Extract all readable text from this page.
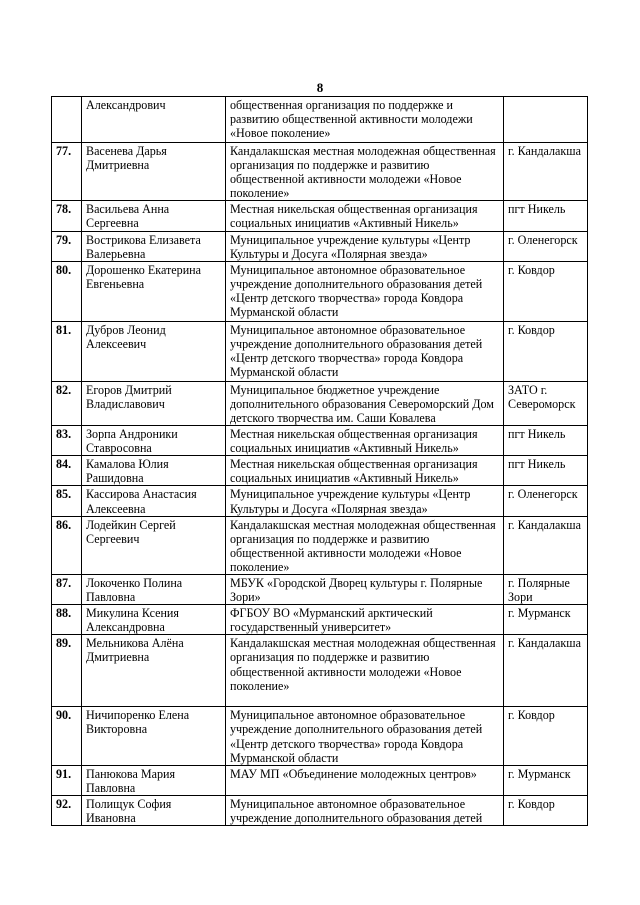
8
	Александрович	общественная организация по поддержке и развитию общественной активности молодежи «Новое поколение»	
77.	Васенева Дарья Дмитриевна	Кандалакшская местная молодежная общественная организация по поддержке и развитию общественной активности молодежи «Новое поколение»	г. Кандалакша
78.	Васильева Анна Сергеевна	Местная никельская общественная организация социальных инициатив «Активный Никель»	пгт Никель
79.	Вострикова Елизавета Валерьевна	Муниципальное учреждение культуры «Центр Культуры и Досуга «Полярная звезда»	г. Оленегорск
80.	Дорошенко Екатерина Евгеньевна	Муниципальное автономное образовательное учреждение дополнительного образования детей «Центр детского творчества» города Ковдора Мурманской области	г. Ковдор
81.	Дубров Леонид Алексеевич	Муниципальное автономное образовательное учреждение дополнительного образования детей «Центр детского творчества» города Ковдора Мурманской области	г. Ковдор
82.	Егоров Дмитрий Владиславович	Муниципальное бюджетное учреждение дополнительного образования Североморский Дом детского творчества им. Саши Ковалева	ЗАТО г. Североморск
83.	Зорпа Андроники Ставросовна	Местная никельская общественная организация социальных инициатив «Активный Никель»	пгт Никель
84.	Камалова Юлия Рашидовна	Местная никельская общественная организация социальных инициатив «Активный Никель»	пгт Никель
85.	Кассирова Анастасия Алексеевна	Муниципальное учреждение культуры «Центр Культуры и Досуга «Полярная звезда»	г. Оленегорск
86.	Лодейкин Сергей Сергеевич	Кандалакшская местная молодежная общественная организация по поддержке и развитию общественной активности молодежи «Новое поколение»	г. Кандалакша
87.	Локоченко Полина Павловна	МБУК «Городской Дворец культуры г. Полярные Зори»	г. Полярные Зори
88.	Микулина Ксения Александровна	ФГБОУ ВО «Мурманский арктический государственный университет»	г. Мурманск
89.	Мельникова Алёна Дмитриевна	Кандалакшская местная молодежная общественная организация по поддержке и развитию общественной активности молодежи «Новое поколение»	г. Кандалакша
90.	Ничипоренко Елена Викторовна	Муниципальное автономное образовательное учреждение дополнительного образования детей «Центр детского творчества» города Ковдора Мурманской области	г. Ковдор
91.	Панюкова Мария Павловна	МАУ МП «Объединение молодежных центров»	г. Мурманск
92.	Полищук София Ивановна	Муниципальное автономное образовательное учреждение дополнительного образования детей	г. Ковдор
